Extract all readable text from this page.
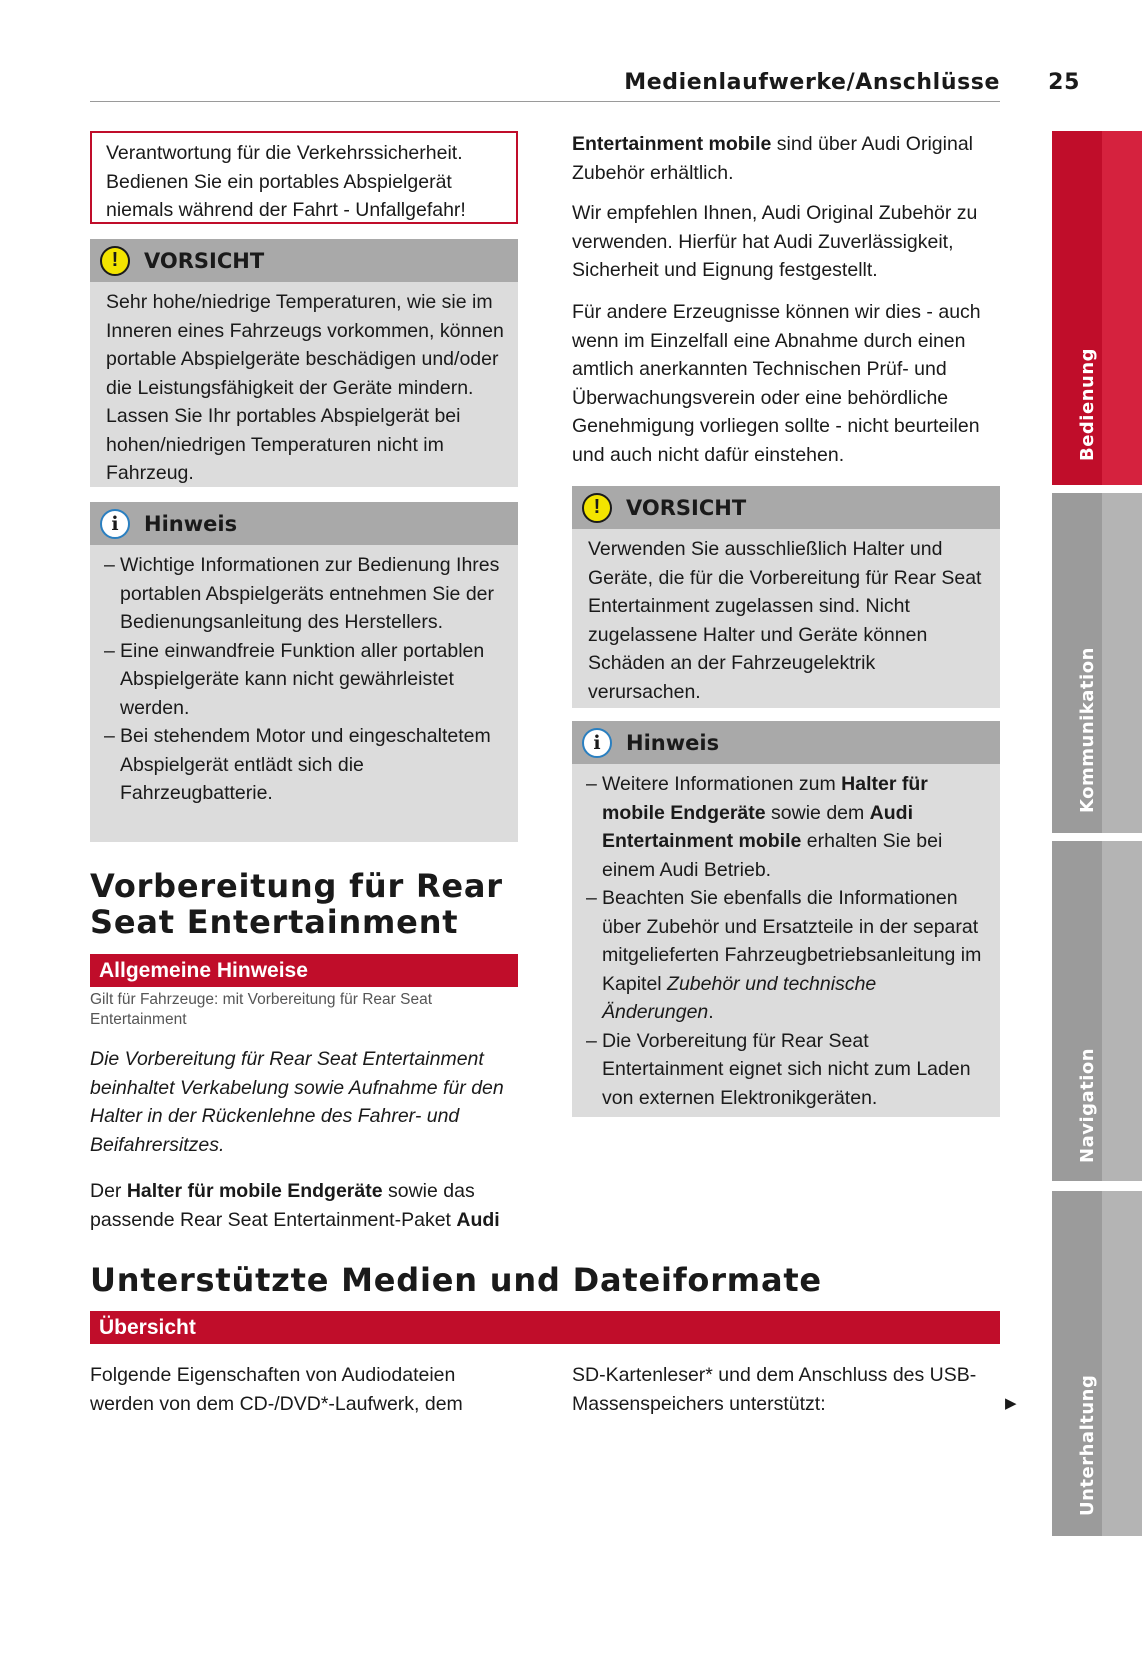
Medienlaufwerke/Anschlüsse	25

Verantwortung für die Verkehrssicherheit. Bedienen Sie ein portables Abspielgerät niemals während der Fahrt - Unfallgefahr!

!	VORSICHT

Sehr hohe/niedrige Temperaturen, wie sie im Inneren eines Fahrzeugs vorkommen, können portable Abspielgeräte beschädigen und/oder die Leistungsfähigkeit der Geräte mindern. Lassen Sie Ihr portables Abspielgerät bei hohen/niedrigen Temperaturen nicht im Fahrzeug.

i	Hinweis
– Wichtige Informationen zur Bedienung Ihres portablen Abspielgeräts entnehmen Sie der Bedienungsanleitung des Herstellers.
– Eine einwandfreie Funktion aller portablen Abspielgeräte kann nicht gewährleistet werden.
– Bei stehendem Motor und eingeschaltetem Abspielgerät entlädt sich die Fahrzeugbatterie.

Vorbereitung für Rear Seat Entertainment

Allgemeine Hinweise
Gilt für Fahrzeuge: mit Vorbereitung für Rear Seat Entertainment

Die Vorbereitung für Rear Seat Entertainment beinhaltet Verkabelung sowie Aufnahme für den Halter in der Rückenlehne des Fahrer- und Beifahrersitzes.

Der Halter für mobile Endgeräte sowie das passende Rear Seat Entertainment-Paket Audi

Entertainment mobile sind über Audi Original Zubehör erhältlich.

Wir empfehlen Ihnen, Audi Original Zubehör zu verwenden. Hierfür hat Audi Zuverlässigkeit, Sicherheit und Eignung festgestellt.

Für andere Erzeugnisse können wir dies - auch wenn im Einzelfall eine Abnahme durch einen amtlich anerkannten Technischen Prüf- und Überwachungsverein oder eine behördliche Genehmigung vorliegen sollte - nicht beurteilen und auch nicht dafür einstehen.

!	VORSICHT

Verwenden Sie ausschließlich Halter und Geräte, die für die Vorbereitung für Rear Seat Entertainment zugelassen sind. Nicht zugelassene Halter und Geräte können Schäden an der Fahrzeugelektrik verursachen.

i	Hinweis
– Weitere Informationen zum Halter für mobile Endgeräte sowie dem Audi Entertainment mobile erhalten Sie bei einem Audi Betrieb.
– Beachten Sie ebenfalls die Informationen über Zubehör und Ersatzteile in der separat mitgelieferten Fahrzeugbetriebsanleitung im Kapitel Zubehör und technische Änderungen.
– Die Vorbereitung für Rear Seat Entertainment eignet sich nicht zum Laden von externen Elektronikgeräten.

Unterstützte Medien und Dateiformate

Übersicht

Folgende Eigenschaften von Audiodateien werden von dem CD-/DVD*-Laufwerk, dem

SD-Kartenleser* und dem Anschluss des USB-Massenspeichers unterstützt:	▶
Bedienung
Kommunikation
Navigation
Unterhaltung
